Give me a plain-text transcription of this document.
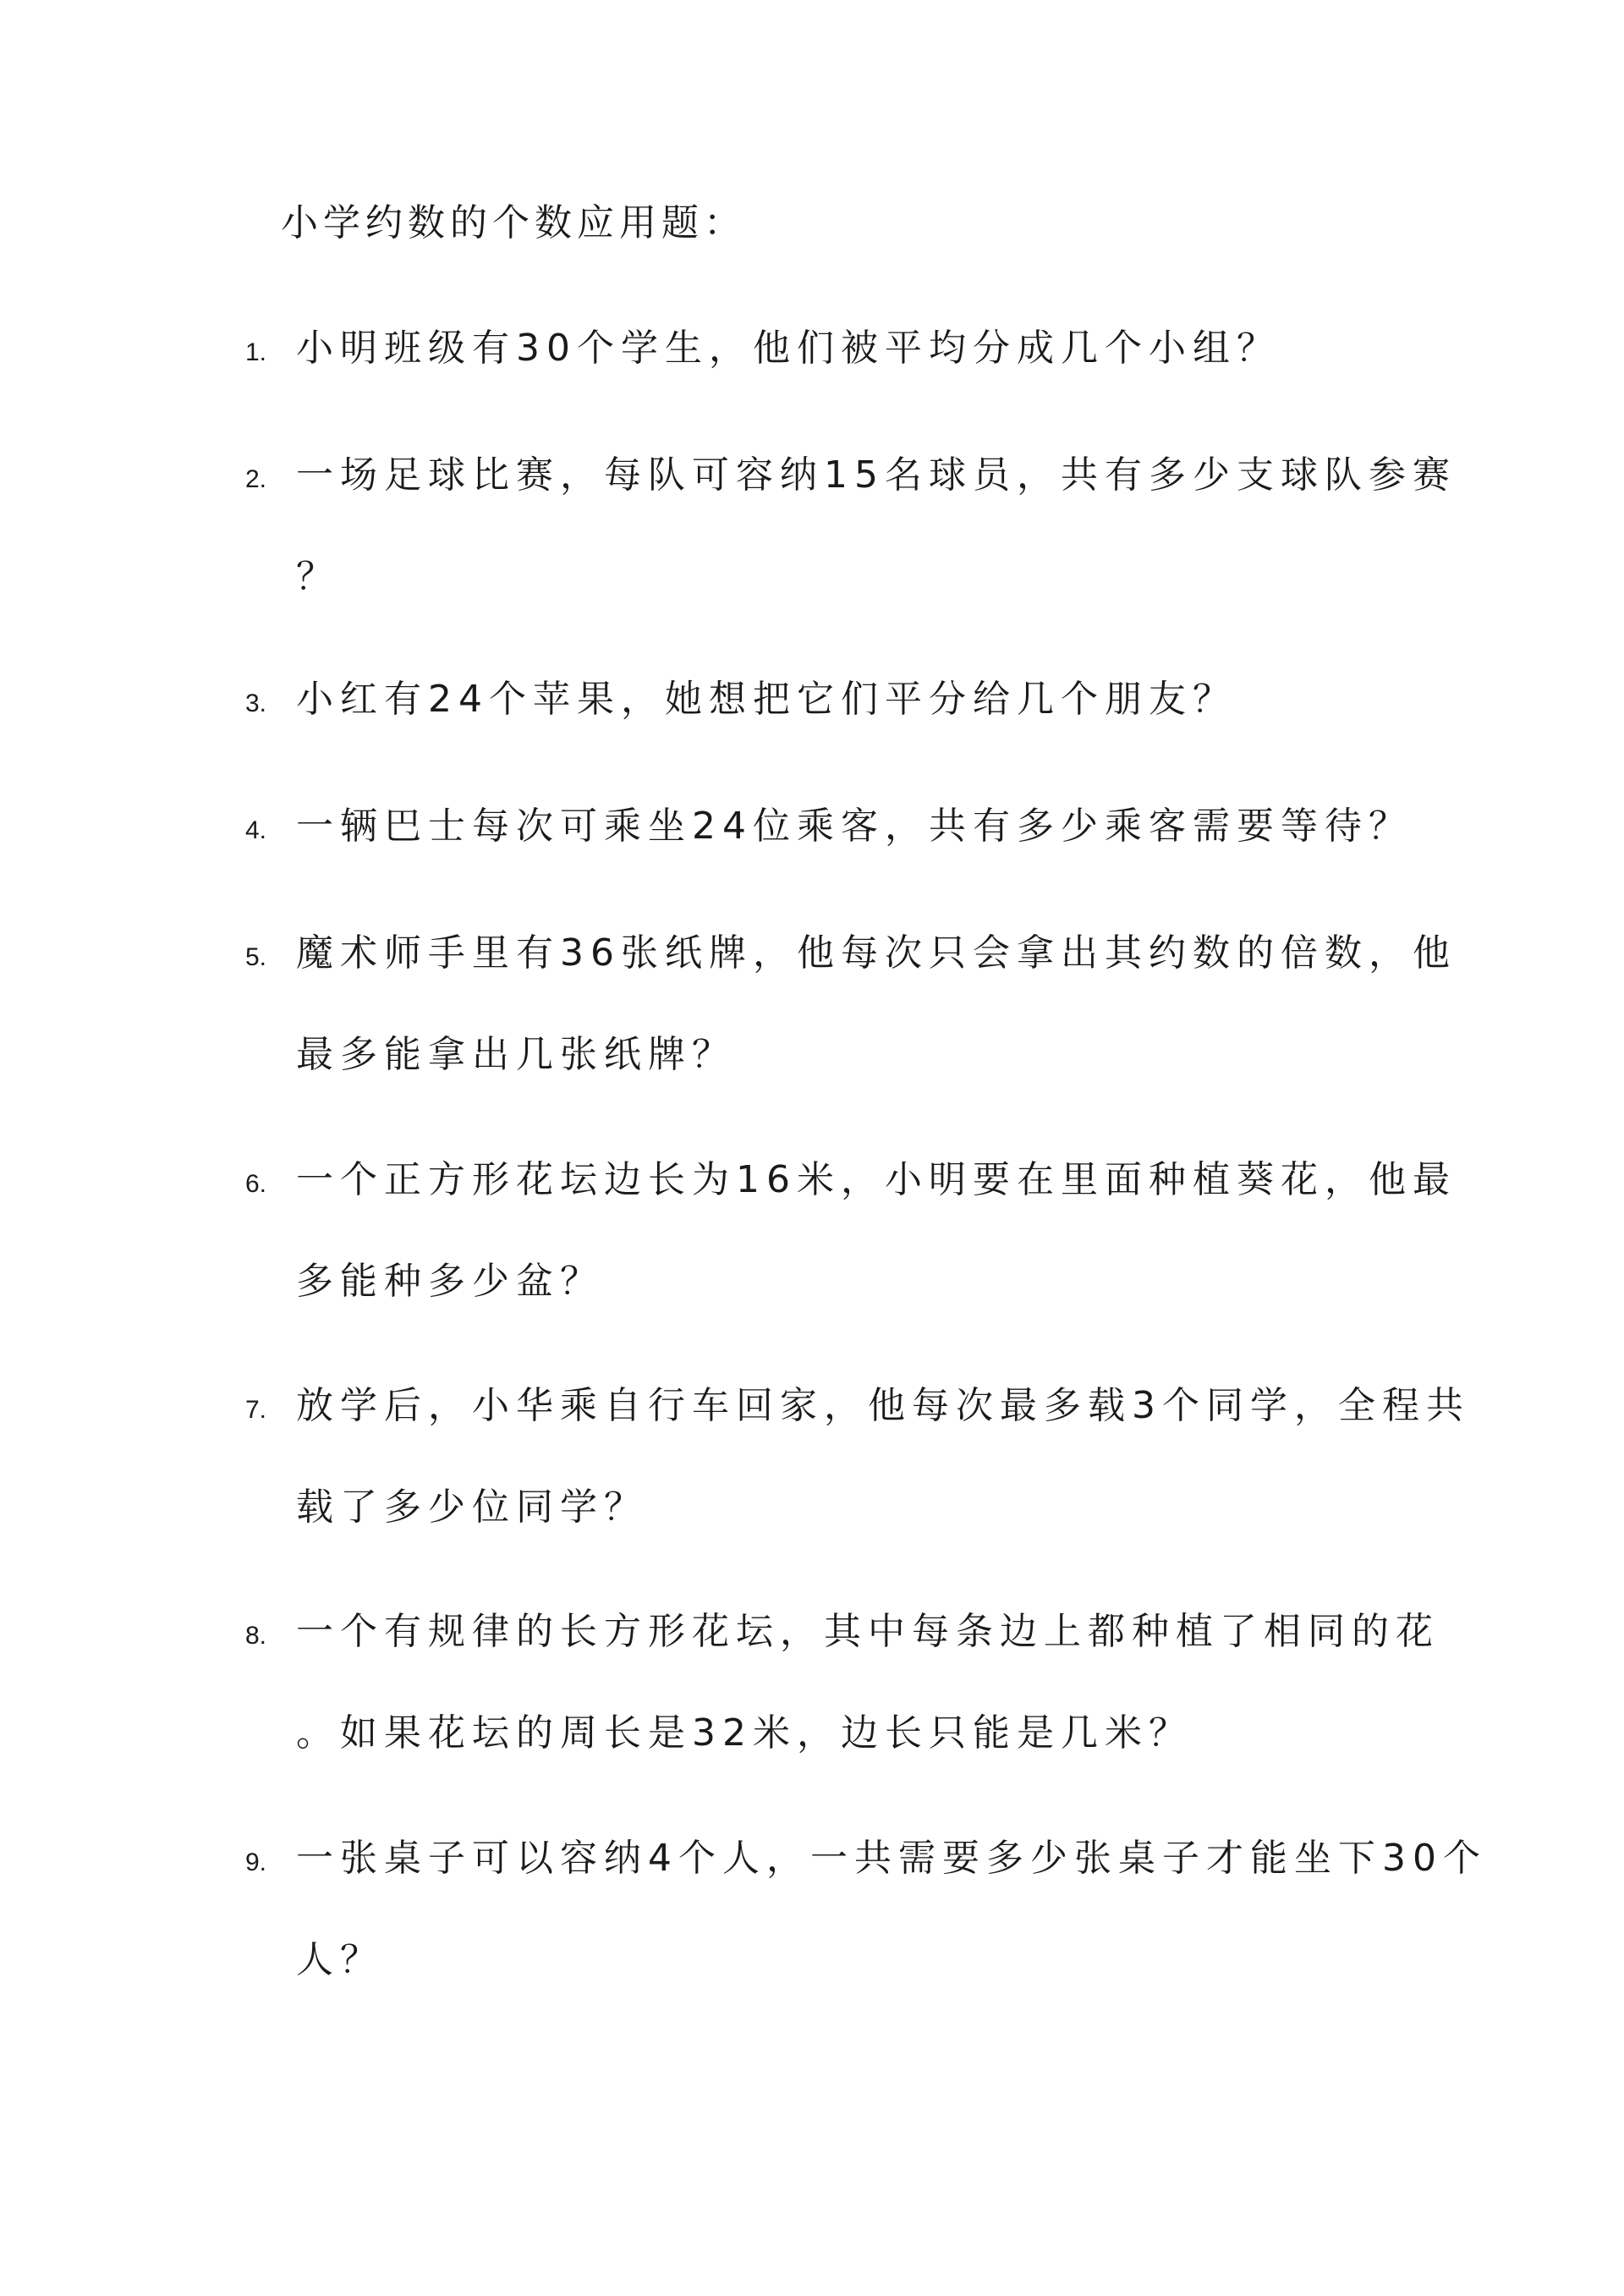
小学约数的个数应用题：
1. 小明班级有30个学生，他们被平均分成几个小组？
2. 一场足球比赛，每队可容纳15名球员，共有多少支球队参赛
？
3. 小红有24个苹果，她想把它们平分给几个朋友？
4. 一辆巴士每次可乘坐24位乘客，共有多少乘客需要等待？
5. 魔术师手里有36张纸牌，他每次只会拿出其约数的倍数，他
最多能拿出几张纸牌？
6. 一个正方形花坛边长为16米，小明要在里面种植葵花，他最
多能种多少盆？
7. 放学后，小华乘自行车回家，他每次最多载3个同学，全程共
载了多少位同学？
8. 一个有规律的长方形花坛，其中每条边上都种植了相同的花
。如果花坛的周长是32米，边长只能是几米？
9. 一张桌子可以容纳4个人，一共需要多少张桌子才能坐下30个
人？
